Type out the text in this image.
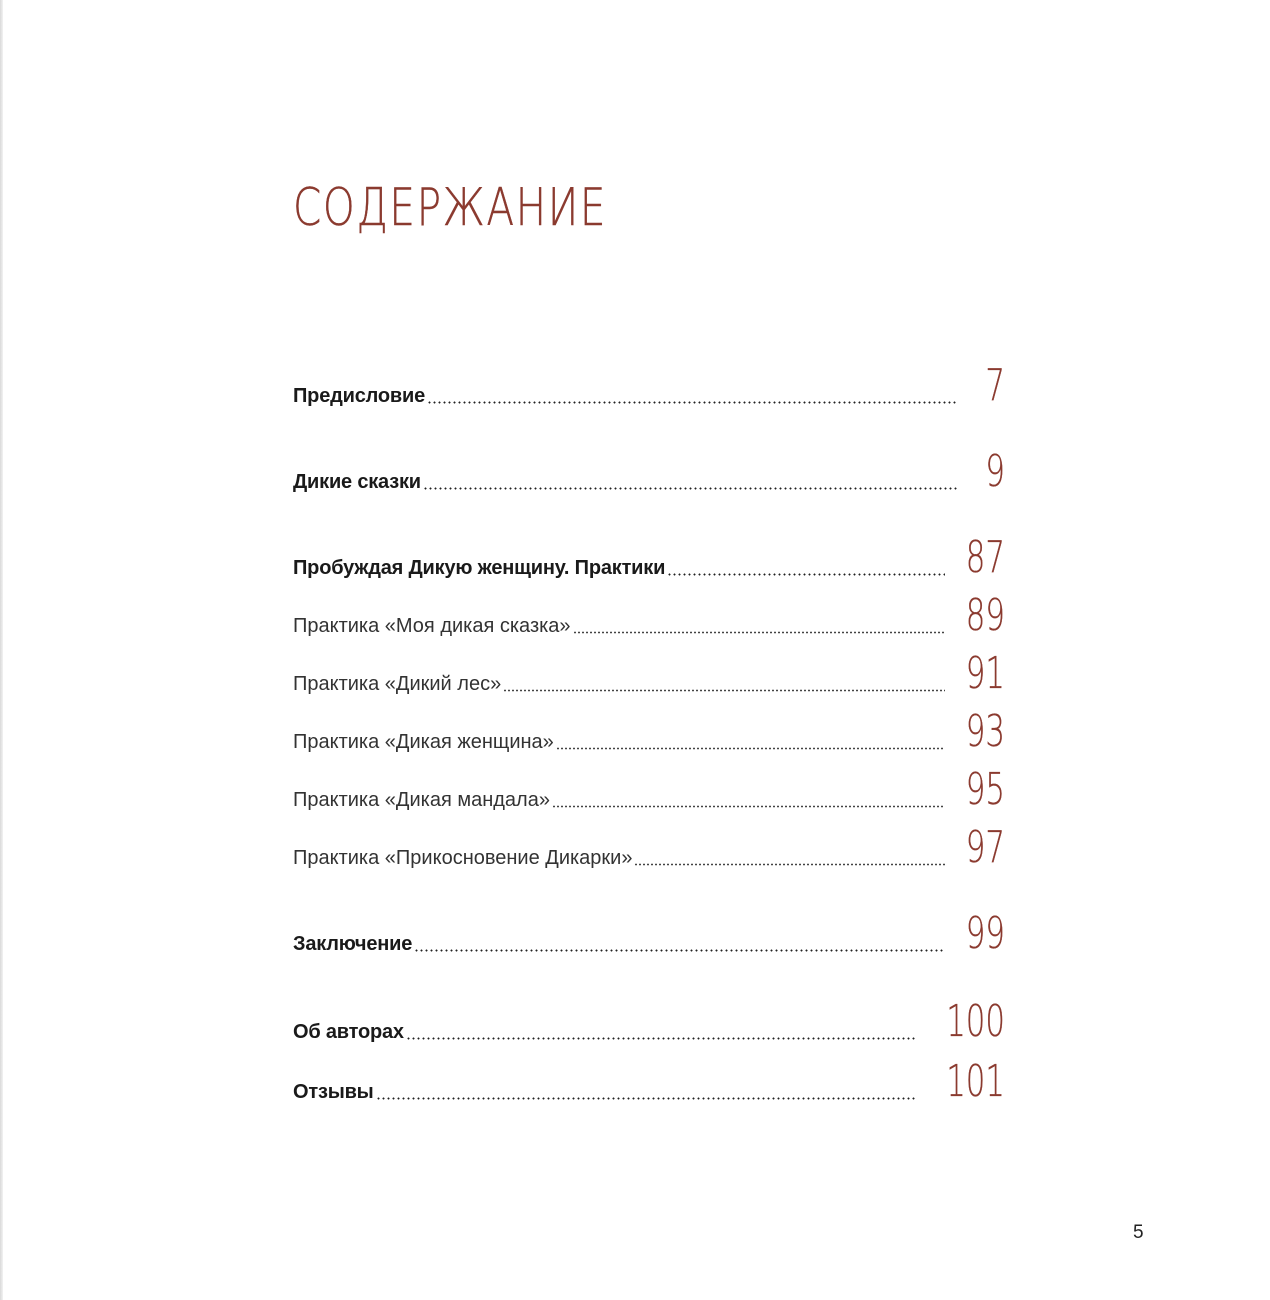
СОДЕРЖАНИЕ
Предисловие	7
Дикие сказки	9
Пробуждая Дикую женщину. Практики	87
Практика «Моя дикая сказка»	89
Практика «Дикий лес»	91
Практика «Дикая женщина»	93
Практика «Дикая мандала»	95
Практика «Прикосновение Дикарки»	97
Заключение	99
Об авторах	100
Отзывы	101
5
